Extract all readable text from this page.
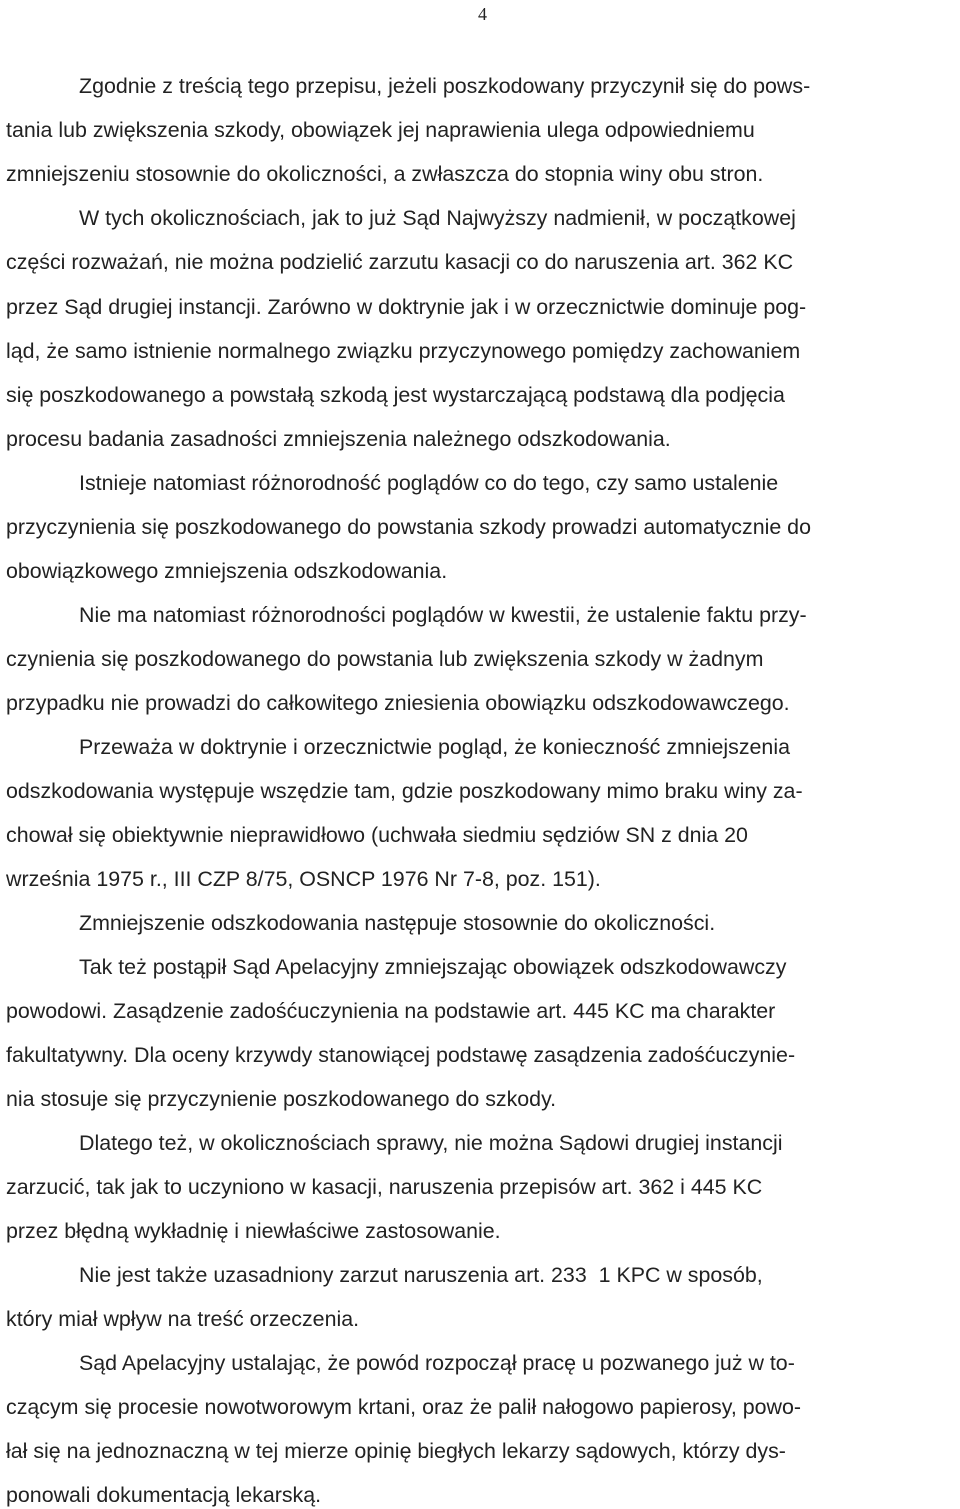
4
Zgodnie z treścią tego przepisu, jeżeli poszkodowany przyczynił się do pows-
tania lub zwiększenia szkody, obowiązek jej naprawienia ulega odpowiedniemu
zmniejszeniu stosownie do okoliczności, a zwłaszcza do stopnia winy obu stron.
W tych okolicznościach, jak to już Sąd Najwyższy nadmienił, w początkowej
części rozważań, nie można podzielić zarzutu kasacji co do naruszenia art. 362 KC
przez Sąd drugiej instancji. Zarówno w doktrynie jak i w orzecznictwie dominuje pog-
ląd, że samo istnienie normalnego związku przyczynowego pomiędzy zachowaniem
się poszkodowanego a powstałą szkodą jest wystarczającą podstawą dla podjęcia
procesu badania zasadności zmniejszenia należnego odszkodowania.
Istnieje natomiast różnorodność poglądów co do tego, czy samo ustalenie
przyczynienia się poszkodowanego do powstania szkody prowadzi automatycznie do
obowiązkowego zmniejszenia odszkodowania.
Nie ma natomiast różnorodności poglądów w kwestii, że ustalenie faktu przy-
czynienia się poszkodowanego do powstania lub zwiększenia szkody w żadnym
przypadku nie prowadzi do całkowitego zniesienia obowiązku odszkodowawczego.
Przeważa w doktrynie i orzecznictwie pogląd, że konieczność zmniejszenia
odszkodowania występuje wszędzie tam, gdzie poszkodowany mimo braku winy za-
chował się obiektywnie nieprawidłowo (uchwała siedmiu sędziów SN z dnia 20
września 1975 r., III CZP 8/75, OSNCP 1976 Nr 7-8, poz. 151).
Zmniejszenie odszkodowania następuje stosownie do okoliczności.
Tak też postąpił Sąd Apelacyjny zmniejszając obowiązek odszkodowawczy
powodowi. Zasądzenie zadośćuczynienia na podstawie art. 445 KC ma charakter
fakultatywny. Dla oceny krzywdy stanowiącej podstawę zasądzenia zadośćuczynie-
nia stosuje się przyczynienie poszkodowanego do szkody.
Dlatego też, w okolicznościach sprawy, nie można Sądowi drugiej instancji
zarzucić, tak jak to uczyniono w kasacji, naruszenia przepisów art. 362 i 445 KC
przez błędną wykładnię i niewłaściwe zastosowanie.
Nie jest także uzasadniony zarzut naruszenia art. 233  1 KPC w sposób,
który miał wpływ na treść orzeczenia.
Sąd Apelacyjny ustalając, że powód rozpoczął pracę u pozwanego już w to-
czącym się procesie nowotworowym krtani, oraz że palił nałogowo papierosy, powo-
łał się na jednoznaczną w tej mierze opinię biegłych lekarzy sądowych, którzy dys-
ponowali dokumentacją lekarską.
